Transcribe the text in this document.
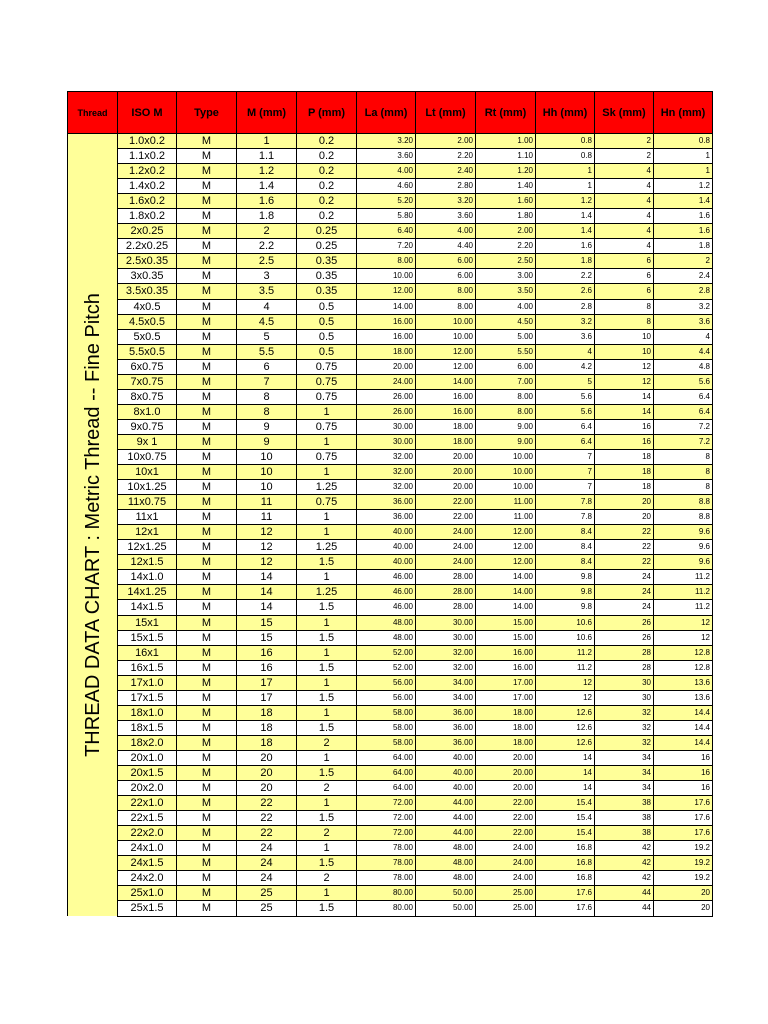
Thread	ISO M	Type	M (mm)	P (mm)	La (mm)	Lt (mm)	Rt (mm)	Hh (mm)	Sk (mm)	Hn (mm)

THREAD DATA CHART : Metric Thread -- Fine Pitch	1.0x0.2	M	1	0.2	3.20	2.00	1.00	0.8	2	0.8
	1.1x0.2	M	1.1	0.2	3.60	2.20	1.10	0.8	2	1
	1.2x0.2	M	1.2	0.2	4.00	2.40	1.20	1	4	1
	1.4x0.2	M	1.4	0.2	4.60	2.80	1.40	1	4	1.2
	1.6x0.2	M	1.6	0.2	5.20	3.20	1.60	1.2	4	1.4
	1.8x0.2	M	1.8	0.2	5.80	3.60	1.80	1.4	4	1.6
	2x0.25	M	2	0.25	6.40	4.00	2.00	1.4	4	1.6
	2.2x0.25	M	2.2	0.25	7.20	4.40	2.20	1.6	4	1.8
	2.5x0.35	M	2.5	0.35	8.00	6.00	2.50	1.8	6	2
	3x0.35	M	3	0.35	10.00	6.00	3.00	2.2	6	2.4
	3.5x0.35	M	3.5	0.35	12.00	8.00	3.50	2.6	6	2.8
	4x0.5	M	4	0.5	14.00	8.00	4.00	2.8	8	3.2
	4.5x0.5	M	4.5	0.5	16.00	10.00	4.50	3.2	8	3.6
	5x0.5	M	5	0.5	16.00	10.00	5.00	3.6	10	4
	5.5x0.5	M	5.5	0.5	18.00	12.00	5.50	4	10	4.4
	6x0.75	M	6	0.75	20.00	12.00	6.00	4.2	12	4.8
	7x0.75	M	7	0.75	24.00	14.00	7.00	5	12	5.6
	8x0.75	M	8	0.75	26.00	16.00	8.00	5.6	14	6.4
	8x1.0	M	8	1	26.00	16.00	8.00	5.6	14	6.4
	9x0.75	M	9	0.75	30.00	18.00	9.00	6.4	16	7.2
	9x 1	M	9	1	30.00	18.00	9.00	6.4	16	7.2
	10x0.75	M	10	0.75	32.00	20.00	10.00	7	18	8
	10x1	M	10	1	32.00	20.00	10.00	7	18	8
	10x1.25	M	10	1.25	32.00	20.00	10.00	7	18	8
	11x0.75	M	11	0.75	36.00	22.00	11.00	7.8	20	8.8
	11x1	M	11	1	36.00	22.00	11.00	7.8	20	8.8
	12x1	M	12	1	40.00	24.00	12.00	8.4	22	9.6
	12x1.25	M	12	1.25	40.00	24.00	12.00	8.4	22	9.6
	12x1.5	M	12	1.5	40.00	24.00	12.00	8.4	22	9.6
	14x1.0	M	14	1	46.00	28.00	14.00	9.8	24	11.2
	14x1.25	M	14	1.25	46.00	28.00	14.00	9.8	24	11.2
	14x1.5	M	14	1.5	46.00	28.00	14.00	9.8	24	11.2
	15x1	M	15	1	48.00	30.00	15.00	10.6	26	12
	15x1.5	M	15	1.5	48.00	30.00	15.00	10.6	26	12
	16x1	M	16	1	52.00	32.00	16.00	11.2	28	12.8
	16x1.5	M	16	1.5	52.00	32.00	16.00	11.2	28	12.8
	17x1.0	M	17	1	56.00	34.00	17.00	12	30	13.6
	17x1.5	M	17	1.5	56.00	34.00	17.00	12	30	13.6
	18x1.0	M	18	1	58.00	36.00	18.00	12.6	32	14.4
	18x1.5	M	18	1.5	58.00	36.00	18.00	12.6	32	14.4
	18x2.0	M	18	2	58.00	36.00	18.00	12.6	32	14.4
	20x1.0	M	20	1	64.00	40.00	20.00	14	34	16
	20x1.5	M	20	1.5	64.00	40.00	20.00	14	34	16
	20x2.0	M	20	2	64.00	40.00	20.00	14	34	16
	22x1.0	M	22	1	72.00	44.00	22.00	15.4	38	17.6
	22x1.5	M	22	1.5	72.00	44.00	22.00	15.4	38	17.6
	22x2.0	M	22	2	72.00	44.00	22.00	15.4	38	17.6
	24x1.0	M	24	1	78.00	48.00	24.00	16.8	42	19.2
	24x1.5	M	24	1.5	78.00	48.00	24.00	16.8	42	19.2
	24x2.0	M	24	2	78.00	48.00	24.00	16.8	42	19.2
	25x1.0	M	25	1	80.00	50.00	25.00	17.6	44	20
	25x1.5	M	25	1.5	80.00	50.00	25.00	17.6	44	20
